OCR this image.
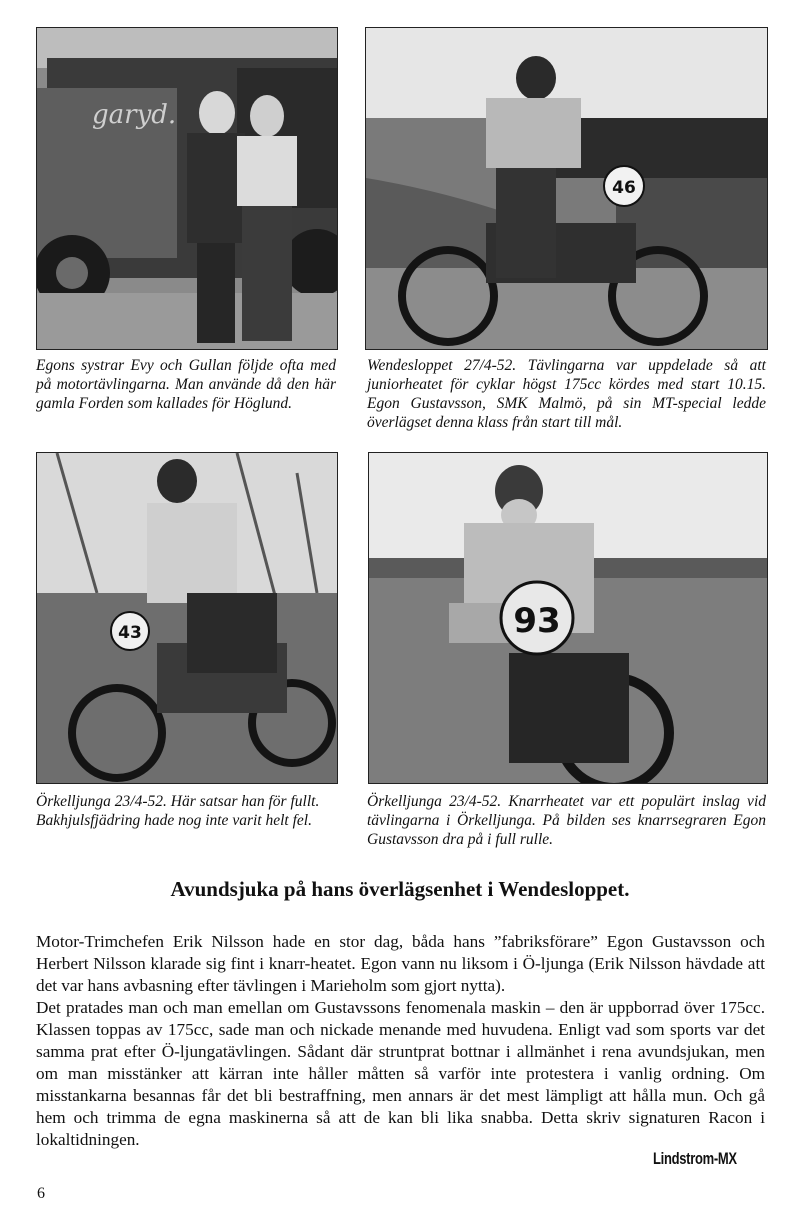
garyd.
Egons systrar Evy och Gullan följde ofta med på motortävlingarna. Man använde då den här gamla Forden som kallades för Höglund.
46
Wendesloppet 27/4-52. Tävlingarna var uppdelade så att juniorheatet för cyklar högst 175cc kördes med start 10.15. Egon Gustavsson, SMK Malmö, på sin MT-special ledde överlägset denna klass från start till mål.
43
Örkelljunga 23/4-52. Här satsar han för fullt. Bakhjulsfjädring hade nog inte varit helt fel.
93
Örkelljunga 23/4-52. Knarrheatet var ett populärt inslag vid tävlingarna i Örkelljunga. På bilden ses knarrsegraren Egon Gustavsson dra på i full rulle.
Avundsjuka på hans överlägsenhet i Wendesloppet.

Motor-Trimchefen Erik Nilsson hade en stor dag, båda hans ”fabriksförare” Egon Gustavsson och Herbert Nilsson klarade sig fint i knarr-heatet. Egon vann nu liksom i Ö-ljunga (Erik Nilsson hävdade att det var hans avbasning efter tävlingen i Marieholm som gjort nytta).

Det pratades man och man emellan om Gustavssons fenomenala maskin – den är uppborrad över 175cc. Klassen toppas av 175cc, sade man och nickade menande med huvudena. Enligt vad som sports var det samma prat efter Ö-ljungatävlingen. Sådant där struntprat bottnar i allmänhet i rena avundsjukan, men om man misstänker att kärran inte håller måtten så varför inte protestera i vanlig ordning. Om misstankarna besannas får det bli bestraffning, men annars är det mest lämpligt att hålla mun. Och gå hem och trimma de egna maskinerna så att de kan bli lika snabba. Detta skriv signaturen Racon i lokaltidningen.

Lindstrom-MX
6
